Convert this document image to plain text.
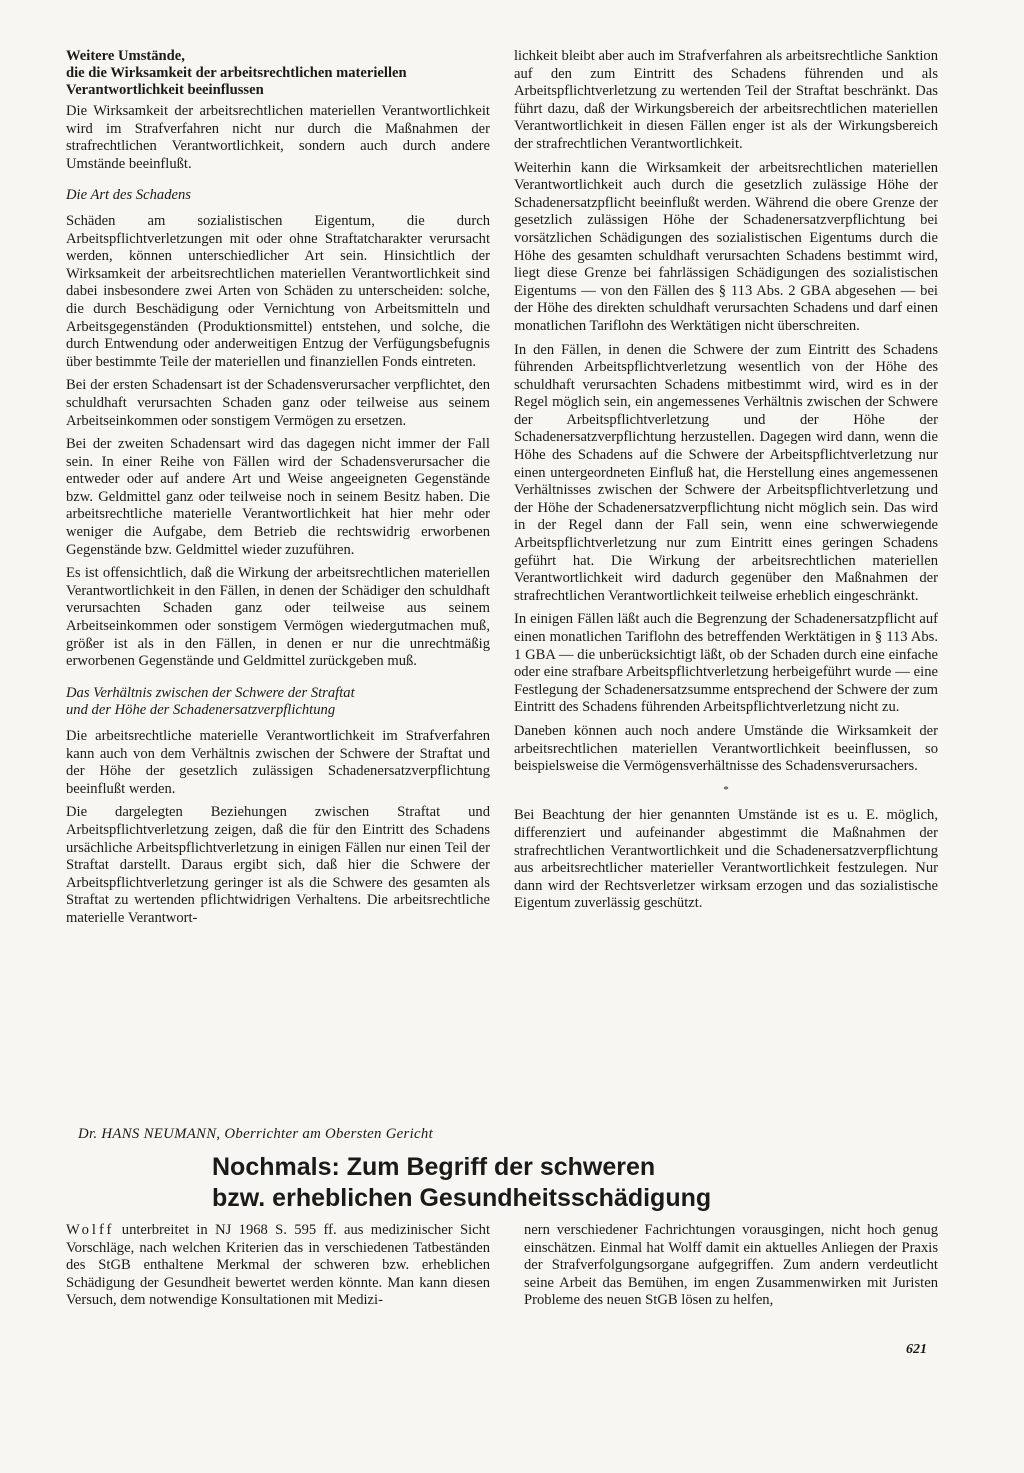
Weitere Umstände,
die die Wirksamkeit der arbeitsrechtlichen materiellen
Verantwortlichkeit beeinflussen

Die Wirksamkeit der arbeitsrechtlichen materiellen Verantwortlichkeit wird im Strafverfahren nicht nur durch die Maßnahmen der strafrechtlichen Verantwortlichkeit, sondern auch durch andere Umstände beeinflußt.

Die Art des Schadens

Schäden am sozialistischen Eigentum, die durch Arbeitspflichtverletzungen mit oder ohne Straftatcharakter verursacht werden, können unterschiedlicher Art sein. Hinsichtlich der Wirksamkeit der arbeitsrechtlichen materiellen Verantwortlichkeit sind dabei insbesondere zwei Arten von Schäden zu unterscheiden: solche, die durch Beschädigung oder Vernichtung von Arbeitsmitteln und Arbeitsgegenständen (Produktionsmittel) entstehen, und solche, die durch Entwendung oder anderweitigen Entzug der Verfügungsbefugnis über bestimmte Teile der materiellen und finanziellen Fonds eintreten.

Bei der ersten Schadensart ist der Schadensverursacher verpflichtet, den schuldhaft verursachten Schaden ganz oder teilweise aus seinem Arbeitseinkommen oder sonstigem Vermögen zu ersetzen.

Bei der zweiten Schadensart wird das dagegen nicht immer der Fall sein. In einer Reihe von Fällen wird der Schadensverursacher die entweder oder auf andere Art und Weise angeeigneten Gegenstände bzw. Geldmittel ganz oder teilweise noch in seinem Besitz haben. Die arbeitsrechtliche materielle Verantwortlichkeit hat hier mehr oder weniger die Aufgabe, dem Betrieb die rechtswidrig erworbenen Gegenstände bzw. Geldmittel wieder zuzuführen.

Es ist offensichtlich, daß die Wirkung der arbeitsrechtlichen materiellen Verantwortlichkeit in den Fällen, in denen der Schädiger den schuldhaft verursachten Schaden ganz oder teilweise aus seinem Arbeitseinkommen oder sonstigem Vermögen wiedergutmachen muß, größer ist als in den Fällen, in denen er nur die unrechtmäßig erworbenen Gegenstände und Geldmittel zurückgeben muß.

Das Verhältnis zwischen der Schwere der Straftat
und der Höhe der Schadenersatzverpflichtung

Die arbeitsrechtliche materielle Verantwortlichkeit im Strafverfahren kann auch von dem Verhältnis zwischen der Schwere der Straftat und der Höhe der gesetzlich zulässigen Schadenersatzverpflichtung beeinflußt werden.

Die dargelegten Beziehungen zwischen Straftat und Arbeitspflichtverletzung zeigen, daß die für den Eintritt des Schadens ursächliche Arbeitspflichtverletzung in einigen Fällen nur einen Teil der Straftat darstellt. Daraus ergibt sich, daß hier die Schwere der Arbeitspflichtverletzung geringer ist als die Schwere des gesamten als Straftat zu wertenden pflichtwidrigen Verhaltens. Die arbeitsrechtliche materielle Verantwort-

lichkeit bleibt aber auch im Strafverfahren als arbeitsrechtliche Sanktion auf den zum Eintritt des Schadens führenden und als Arbeitspflichtverletzung zu wertenden Teil der Straftat beschränkt. Das führt dazu, daß der Wirkungsbereich der arbeitsrechtlichen materiellen Verantwortlichkeit in diesen Fällen enger ist als der Wirkungsbereich der strafrechtlichen Verantwortlichkeit.

Weiterhin kann die Wirksamkeit der arbeitsrechtlichen materiellen Verantwortlichkeit auch durch die gesetzlich zulässige Höhe der Schadenersatzpflicht beeinflußt werden. Während die obere Grenze der gesetzlich zulässigen Höhe der Schadenersatzverpflichtung bei vorsätzlichen Schädigungen des sozialistischen Eigentums durch die Höhe des gesamten schuldhaft verursachten Schadens bestimmt wird, liegt diese Grenze bei fahrlässigen Schädigungen des sozialistischen Eigentums — von den Fällen des § 113 Abs. 2 GBA abgesehen — bei der Höhe des direkten schuldhaft verursachten Schadens und darf einen monatlichen Tariflohn des Werktätigen nicht überschreiten.

In den Fällen, in denen die Schwere der zum Eintritt des Schadens führenden Arbeitspflichtverletzung wesentlich von der Höhe des schuldhaft verursachten Schadens mitbestimmt wird, wird es in der Regel möglich sein, ein angemessenes Verhältnis zwischen der Schwere der Arbeitspflichtverletzung und der Höhe der Schadenersatzverpflichtung herzustellen. Dagegen wird dann, wenn die Höhe des Schadens auf die Schwere der Arbeitspflichtverletzung nur einen untergeordneten Einfluß hat, die Herstellung eines angemessenen Verhältnisses zwischen der Schwere der Arbeitspflichtverletzung und der Höhe der Schadenersatzverpflichtung nicht möglich sein. Das wird in der Regel dann der Fall sein, wenn eine schwerwiegende Arbeitspflichtverletzung nur zum Eintritt eines geringen Schadens geführt hat. Die Wirkung der arbeitsrechtlichen materiellen Verantwortlichkeit wird dadurch gegenüber den Maßnahmen der strafrechtlichen Verantwortlichkeit teilweise erheblich eingeschränkt.

In einigen Fällen läßt auch die Begrenzung der Schadenersatzpflicht auf einen monatlichen Tariflohn des betreffenden Werktätigen in § 113 Abs. 1 GBA — die unberücksichtigt läßt, ob der Schaden durch eine einfache oder eine strafbare Arbeitspflichtverletzung herbeigeführt wurde — eine Festlegung der Schadenersatzsumme entsprechend der Schwere der zum Eintritt des Schadens führenden Arbeitspflichtverletzung nicht zu.

Daneben können auch noch andere Umstände die Wirksamkeit der arbeitsrechtlichen materiellen Verantwortlichkeit beeinflussen, so beispielsweise die Vermögensverhältnisse des Schadensverursachers.

*

Bei Beachtung der hier genannten Umstände ist es u. E. möglich, differenziert und aufeinander abgestimmt die Maßnahmen der strafrechtlichen Verantwortlichkeit und die Schadenersatzverpflichtung aus arbeitsrechtlicher materieller Verantwortlichkeit festzulegen. Nur dann wird der Rechtsverletzer wirksam erzogen und das sozialistische Eigentum zuverlässig geschützt.

Dr. HANS NEUMANN, Oberrichter am Obersten Gericht
Nochmals: Zum Begriff der schweren
bzw. erheblichen Gesundheitsschädigung

Wolff unterbreitet in NJ 1968 S. 595 ff. aus medizinischer Sicht Vorschläge, nach welchen Kriterien das in verschiedenen Tatbeständen des StGB enthaltene Merkmal der schweren bzw. erheblichen Schädigung der Gesundheit bewertet werden könnte. Man kann diesen Versuch, dem notwendige Konsultationen mit Medizi-

nern verschiedener Fachrichtungen vorausgingen, nicht hoch genug einschätzen. Einmal hat Wolff damit ein aktuelles Anliegen der Praxis der Strafverfolgungsorgane aufgegriffen. Zum andern verdeutlicht seine Arbeit das Bemühen, im engen Zusammenwirken mit Juristen Probleme des neuen StGB lösen zu helfen,

621
